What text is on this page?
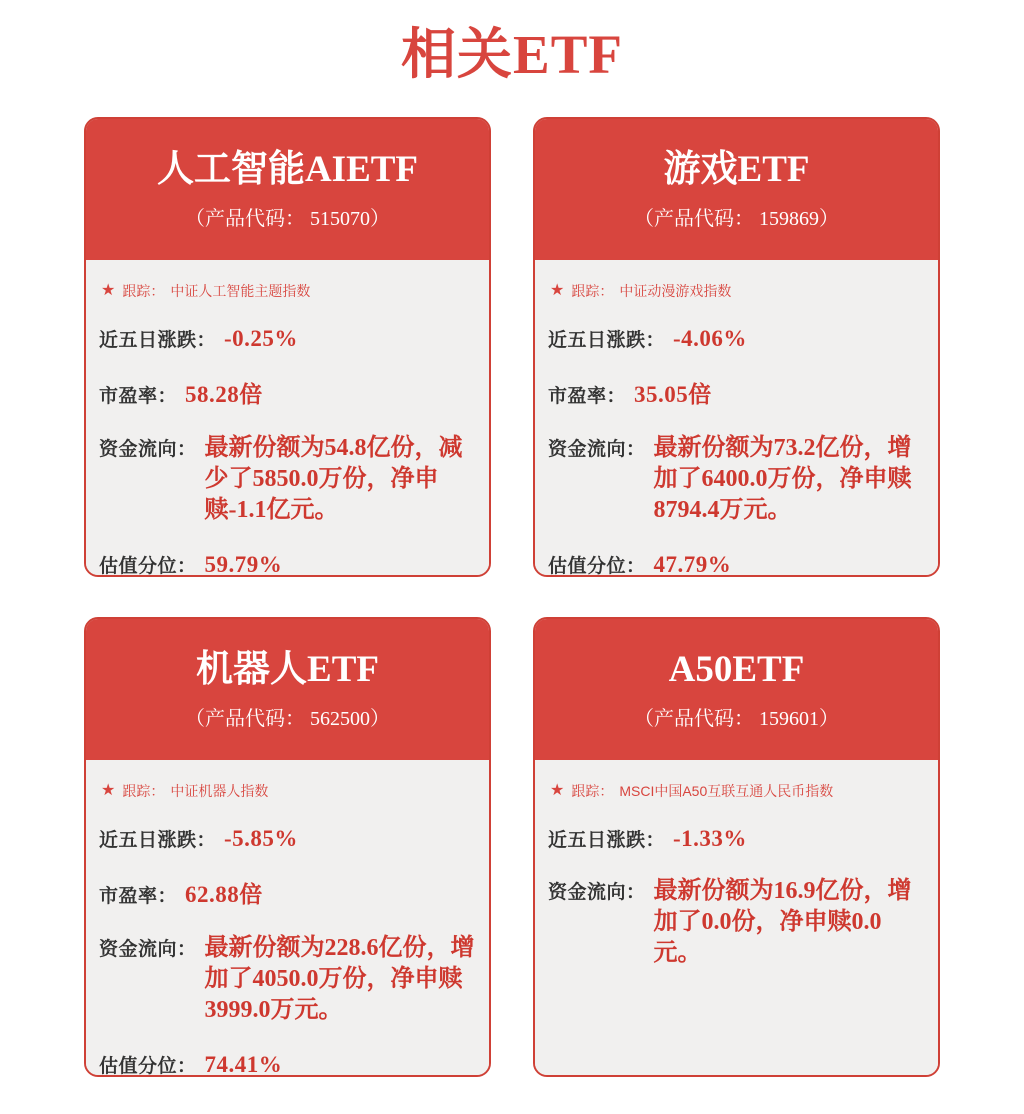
相关ETF
人工智能AIETF
（产品代码： 515070）
★ 跟踪： 中证人工智能主题指数
近五日涨跌： -0.25%
市盈率： 58.28倍
资金流向： 最新份额为54.8亿份，减少了5850.0万份，净申赎-1.1亿元。
估值分位： 59.79%
游戏ETF
（产品代码： 159869）
★ 跟踪： 中证动漫游戏指数
近五日涨跌： -4.06%
市盈率： 35.05倍
资金流向： 最新份额为73.2亿份，增加了6400.0万份，净申赎8794.4万元。
估值分位： 47.79%
机器人ETF
（产品代码： 562500）
★ 跟踪： 中证机器人指数
近五日涨跌： -5.85%
市盈率： 62.88倍
资金流向： 最新份额为228.6亿份，增加了4050.0万份，净申赎3999.0万元。
估值分位： 74.41%
A50ETF
（产品代码： 159601）
★ 跟踪： MSCI中国A50互联互通人民币指数
近五日涨跌： -1.33%
资金流向： 最新份额为16.9亿份，增加了0.0份，净申赎0.0元。
